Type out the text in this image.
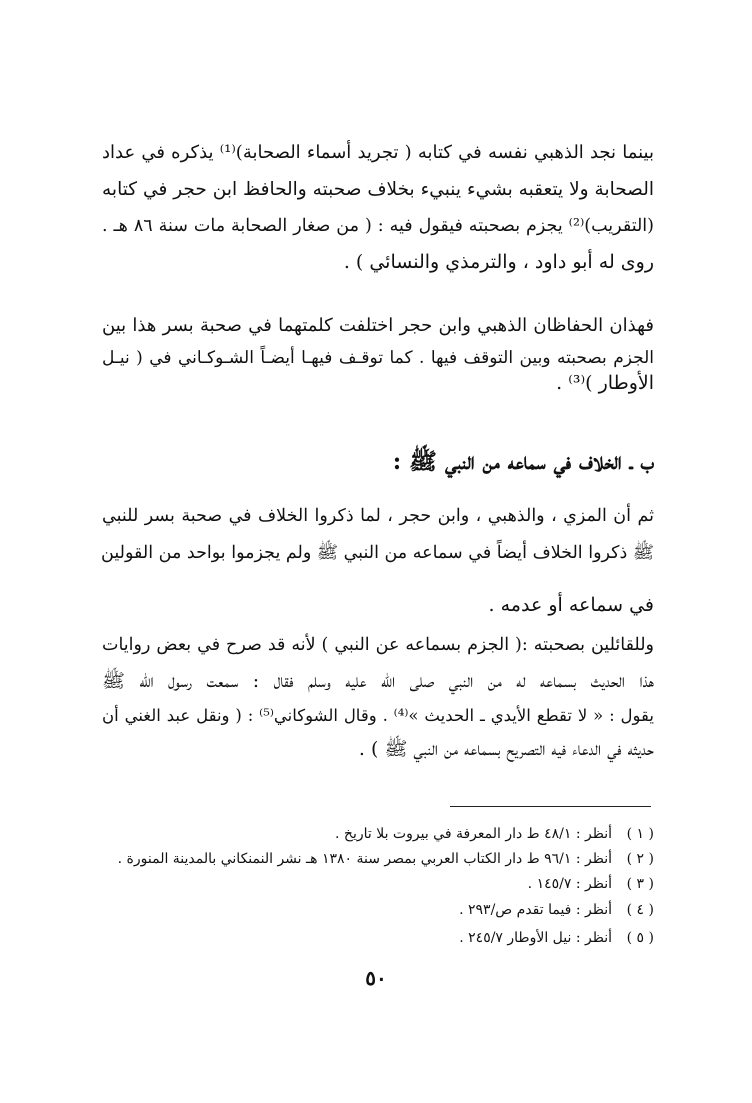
بينما نجد الذهبي نفسه في كتابه ( تجريد أسماء الصحابة)⁽¹⁾ يذكره في عداد
الصحابة ولا يتعقبه بشيء ينبيء بخلاف صحبته والحافظ ابن حجر في كتابه
(التقريب)⁽²⁾ يجزم بصحبته فيقول فيه : ( من صغار الصحابة مات سنة ٨٦ هـ .
روى له أبو داود ، والترمذي والنسائي ) .
فهذان الحفاظان الذهبي وابن حجر اختلفت كلمتهما في صحبة بسر هذا بين
الجزم بصحبته وبين التوقف فيها . كما توقـف فيهـا أيضـاً الشـوكـاني في ( نيـل
الأوطار )⁽³⁾ .
ب ـ الخلاف في سماعه من النبي ﷺ :
ثم أن المزي ، والذهبي ، وابن حجر ، لما ذكروا الخلاف في صحبة بسر للنبي
ﷺ ذكروا الخلاف أيضاً في سماعه من النبي ﷺ ولم يجزموا بواحد من القولين
في سماعه أو عدمه .
وللقائلين بصحبته :( الجزم بسماعه عن النبي ) لأنه قد صرح في بعض روايات
هذا الحديث بسماعه له من النبي صلى الله عليه وسلم فقال : سمعت رسول الله ﷺ
يقول : « لا تقطع الأيدي ـ الحديث »⁽⁴⁾ . وقال الشوكاني⁽⁵⁾ : ( ونقل عبد الغني أن
حديثه في الدعاء فيه التصريح بسماعه من النبي ﷺ ) .
( ١ )أنظر : ٤٨/١ ط دار المعرفة في بيروت بلا تاريخ .
( ٢ )أنظر : ٩٦/١ ط دار الكتاب العربي بمصر سنة ١٣٨٠ هـ نشر النمنكاني بالمدينة المنورة .
( ٣ )أنظر : ١٤٥/٧ .
( ٤ )أنظر : فيما تقدم ص/٢٩٣ .
( ٥ )أنظر : نيل الأوطار ٢٤٥/٧ .
٥٠
